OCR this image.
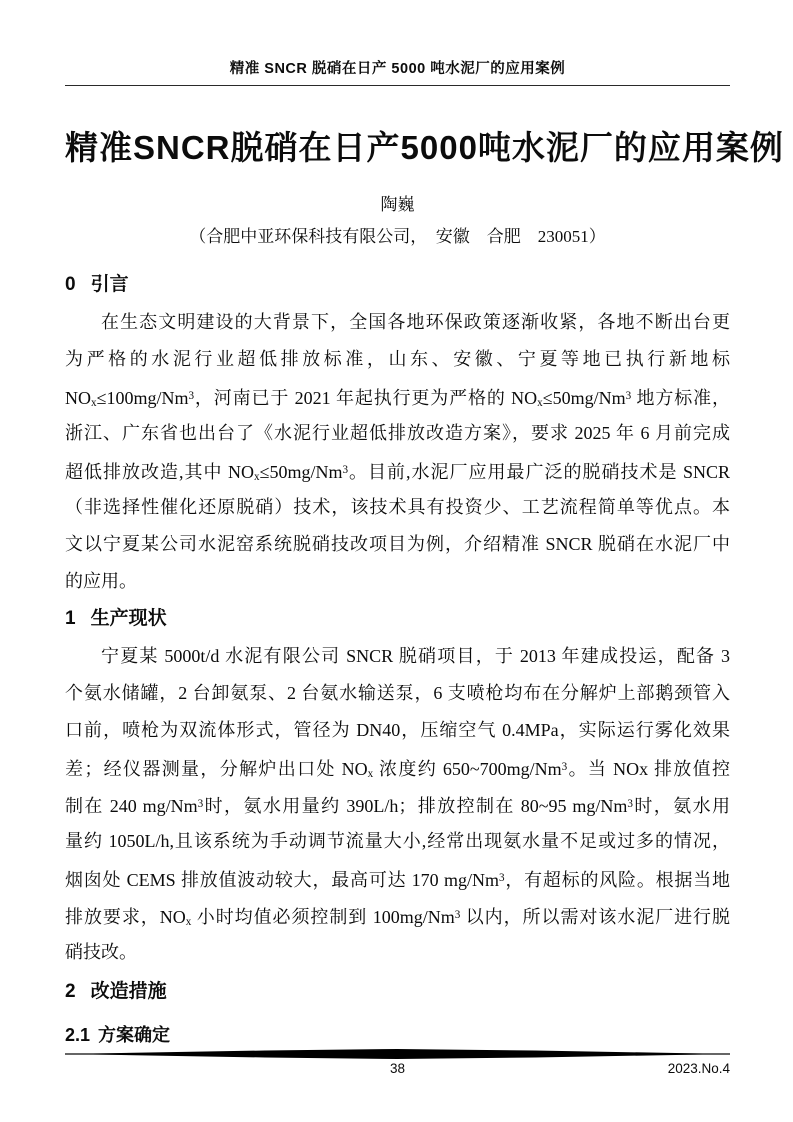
精准 SNCR 脱硝在日产 5000 吨水泥厂的应用案例
精准SNCR脱硝在日产5000吨水泥厂的应用案例
陶巍
（合肥中亚环保科技有限公司，　安徽　合肥　230051）
0 引言
在生态文明建设的大背景下，全国各地环保政策逐渐收紧，各地不断出台更
为严格的水泥行业超低排放标准，山东、安徽、宁夏等地已执行新地标
$NO_x\le 100mg/Nm^3$，河南已于 2021 年起执行更为严格的 $NO_x\le 50mg/Nm^3$ 地方标准，
浙江、广东省也出台了《水泥行业超低排放改造方案》，要求 2025 年 6 月前完成
超低排放改造,其中 $NO_x\le 50mg/Nm^3$。目前,水泥厂应用最广泛的脱硝技术是 SNCR
（非选择性催化还原脱硝）技术，该技术具有投资少、工艺流程简单等优点。本
文以宁夏某公司水泥窑系统脱硝技改项目为例，介绍精准 SNCR 脱硝在水泥厂中
的应用。
1 生产现状
宁夏某 5000t/d 水泥有限公司 SNCR 脱硝项目，于 2013 年建成投运，配备 3
个氨水储罐，2 台卸氨泵、2 台氨水输送泵，6 支喷枪均布在分解炉上部鹅颈管入
口前，喷枪为双流体形式，管径为 DN40，压缩空气 0.4MPa，实际运行雾化效果
差；经仪器测量，分解炉出口处 $NO_x$ 浓度约 650~700mg/Nm$^3$。当 NOx 排放值控
制在 240 mg/Nm$^3$时，氨水用量约 390L/h；排放控制在 80~95 mg/Nm$^3$时，氨水用
量约 1050L/h,且该系统为手动调节流量大小,经常出现氨水量不足或过多的情况，
烟囱处 CEMS 排放值波动较大，最高可达 170 mg/Nm$^3$，有超标的风险。根据当地
排放要求，$NO_x$ 小时均值必须控制到 100mg/Nm$^3$ 以内，所以需对该水泥厂进行脱
硝技改。
2 改造措施
2.1 方案确定
38	2023.No.4
